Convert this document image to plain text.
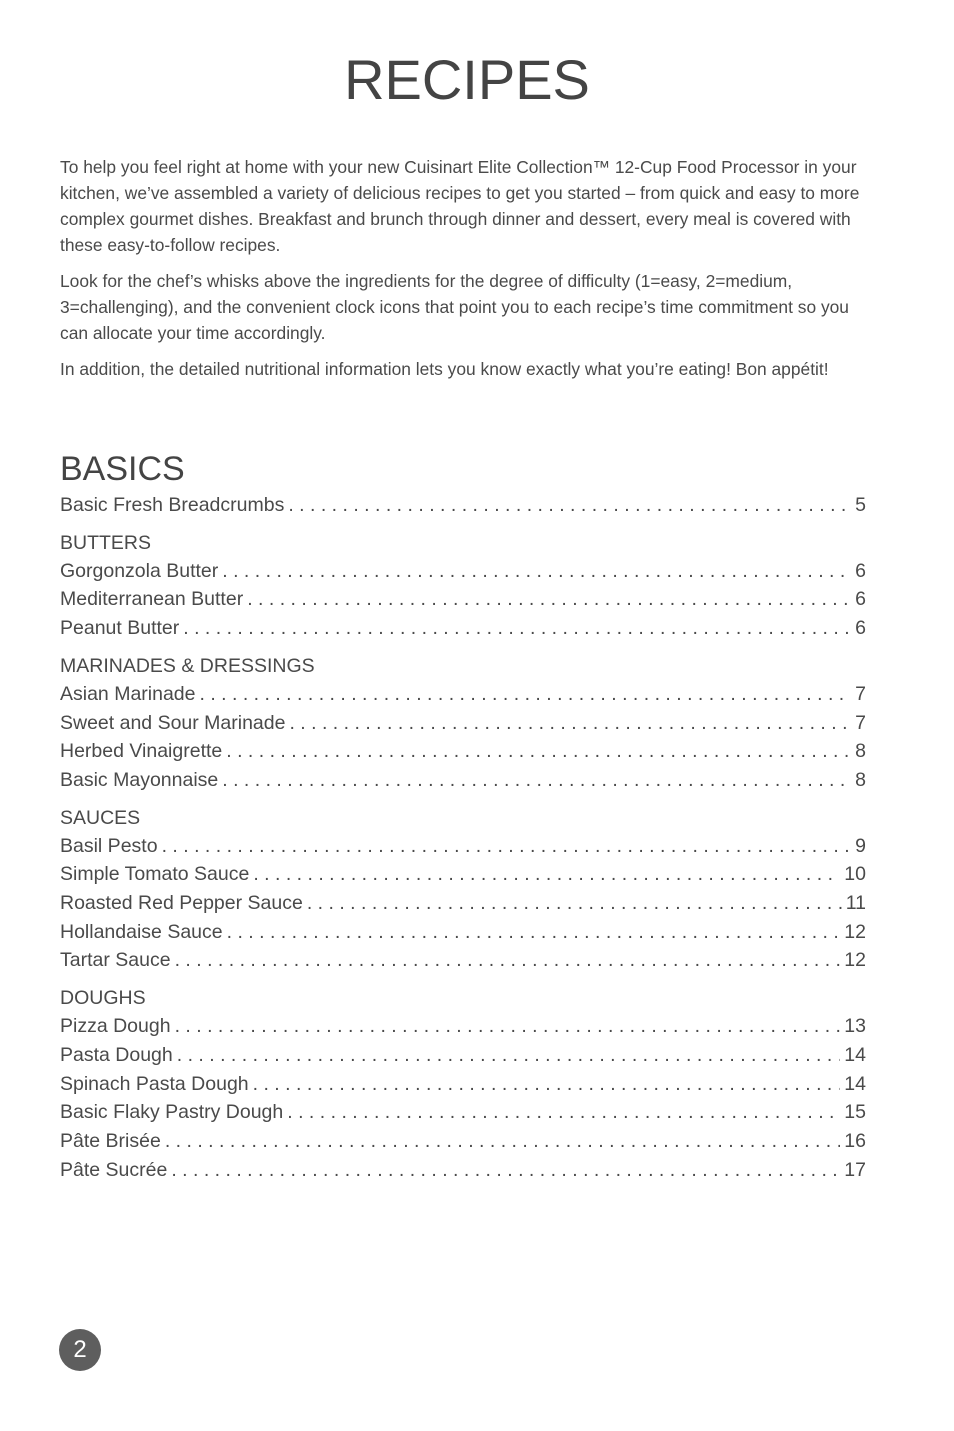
RECIPES

To help you feel right at home with your new Cuisinart Elite Collection™ 12-Cup Food Processor in your kitchen, we’ve assembled a variety of delicious recipes to get you started – from quick and easy to more complex gourmet dishes. Breakfast and brunch through dinner and dessert, every meal is covered with these easy-to-follow recipes.

Look for the chef’s whisks above the ingredients for the degree of difficulty (1=easy, 2=medium, 3=challenging), and the convenient clock icons that point you to each recipe’s time commitment so you can allocate your time accordingly.

In addition, the detailed nutritional information lets you know exactly what you’re eating! Bon appétit!

BASICS
Basic Fresh Breadcrumbs . . .	5
BUTTERS
Gorgonzola Butter . . .	6
Mediterranean Butter . . .	6
Peanut Butter . . .	6
MARINADES & DRESSINGS
Asian Marinade . . .	7
Sweet and Sour Marinade . . .	7
Herbed Vinaigrette . . .	8
Basic Mayonnaise . . .	8
SAUCES
Basil Pesto . . .	9
Simple Tomato Sauce . . .	10
Roasted Red Pepper Sauce . . .	11
Hollandaise Sauce . . .	12
Tartar Sauce . . .	12
DOUGHS
Pizza Dough . . .	13
Pasta Dough . . .	14
Spinach Pasta Dough . . .	14
Basic Flaky Pastry Dough . . .	15
Pâte Brisée . . .	16
Pâte Sucrée . . .	17
2
